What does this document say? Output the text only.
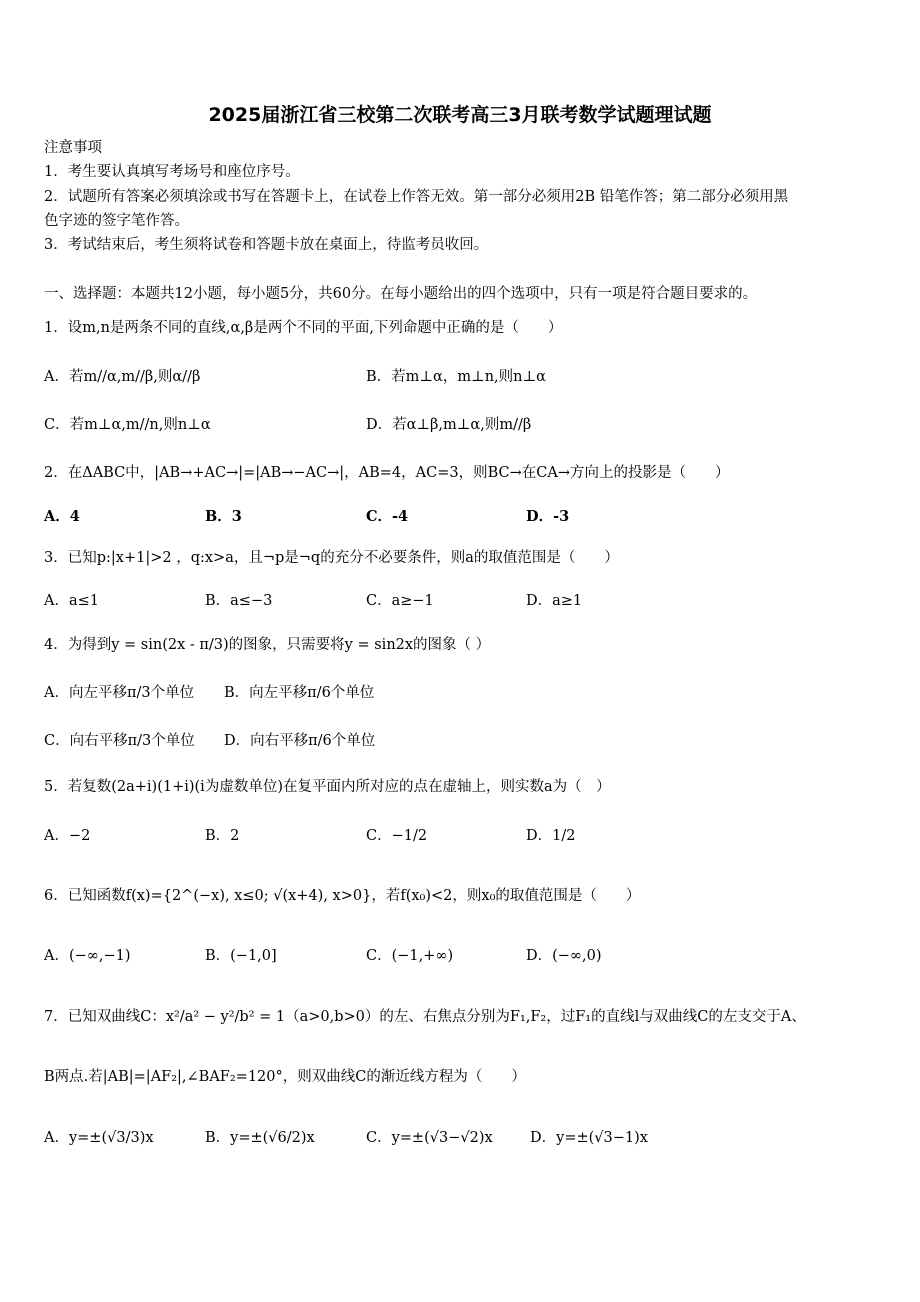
2025届浙江省三校第二次联考高三3月联考数学试题理试题
注意事项
1．考生要认真填写考场号和座位序号。
2．试题所有答案必须填涂或书写在答题卡上，在试卷上作答无效。第一部分必须用2B 铅笔作答；第二部分必须用黑
色字迹的签字笔作答。
3．考试结束后，考生须将试卷和答题卡放在桌面上，待监考员收回。
一、选择题：本题共12小题，每小题5分，共60分。在每小题给出的四个选项中，只有一项是符合题目要求的。
1．设m,n是两条不同的直线,α,β是两个不同的平面,下列命题中正确的是（　　）
A．若m//α,m//β,则α//β	B．若m⊥α，m⊥n,则n⊥α
C．若m⊥α,m//n,则n⊥α	D．若α⊥β,m⊥α,则m//β
2．在ΔABC中，|AB→+AC→|=|AB→−AC→|，AB=4，AC=3，则BC→在CA→方向上的投影是（　　）
A．4	B．3	C．-4	D．-3
3．已知p:|x+1|>2 ，q:x>a，且¬p是¬q的充分不必要条件，则a的取值范围是（　　）
A．a≤1	B．a≤−3	C．a≥−1	D．a≥1
4．为得到y = sin(2x - π/3)的图象，只需要将y = sin2x的图象（ ）
A．向左平移π/3个单位 B．向左平移π/6个单位
C．向右平移π/3个单位 D．向右平移π/6个单位
5．若复数(2a+i)(1+i)(i为虚数单位)在复平面内所对应的点在虚轴上，则实数a为（　）
A．−2	B．2	C．−1/2	D．1/2
6．已知函数f(x)={2^(−x), x≤0; √(x+4), x>0}，若f(x₀)<2，则x₀的取值范围是（　　）
A．(−∞,−1)	B．(−1,0]	C．(−1,+∞)	D．(−∞,0)
7．已知双曲线C：x²/a² − y²/b² = 1（a>0,b>0）的左、右焦点分别为F₁,F₂，过F₁的直线l与双曲线C的左支交于A、
B两点.若|AB|=|AF₂|,∠BAF₂=120°，则双曲线C的渐近线方程为（　　）
A．y=±(√3/3)x	B．y=±(√6/2)x	C．y=±(√3−√2)x	D．y=±(√3−1)x
